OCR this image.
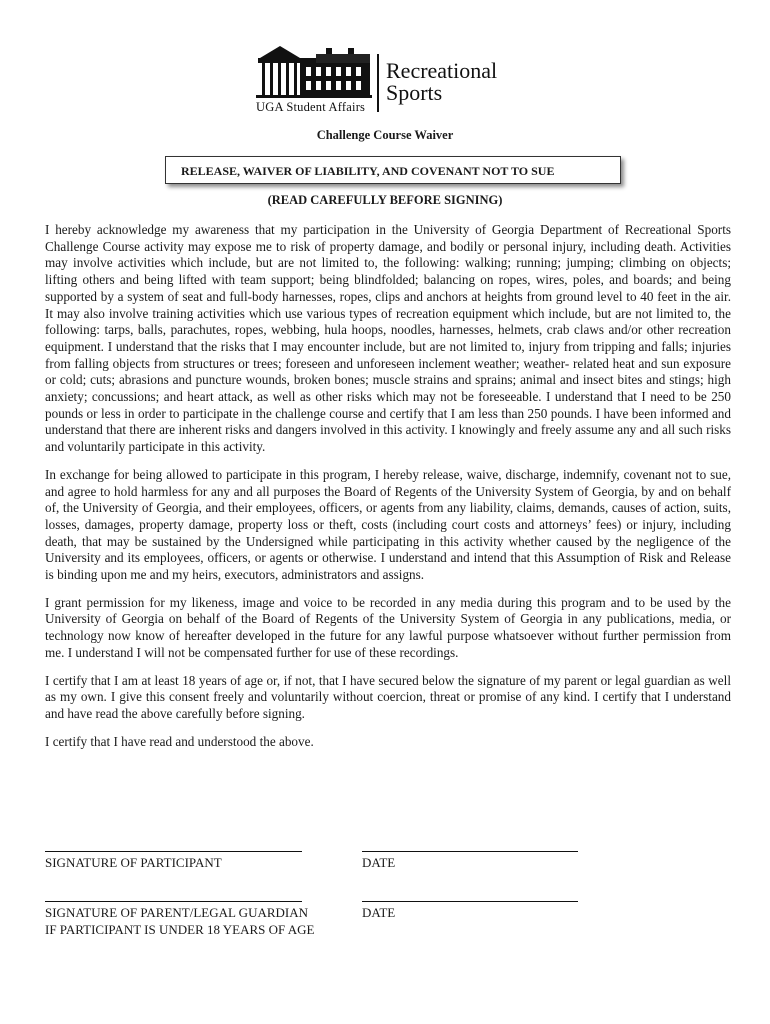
UGA Student Affairs
Recreational
Sports
Challenge Course Waiver
RELEASE, WAIVER OF LIABILITY, AND COVENANT NOT TO SUE
(READ CAREFULLY BEFORE SIGNING)

I hereby acknowledge my awareness that my participation in the University of Georgia Department of Recreational Sports Challenge Course activity may expose me to risk of property damage, and bodily or personal injury, including death. Activities may involve activities which include, but are not limited to, the following: walking; running; jumping; climbing on objects; lifting others and being lifted with team support; being blindfolded; balancing on ropes, wires, poles, and boards; and being supported by a system of seat and full-body harnesses, ropes, clips and anchors at heights from ground level to 40 feet in the air. It may also involve training activities which use various types of recreation equipment which include, but are not limited to, the following: tarps, balls, parachutes, ropes, webbing, hula hoops, noodles, harnesses, helmets, crab claws and/or other recreation equipment. I understand that the risks that I may encounter include, but are not limited to, injury from tripping and falls; injuries from falling objects from structures or trees; foreseen and unforeseen inclement weather; weather- related heat and sun exposure or cold; cuts; abrasions and puncture wounds, broken bones; muscle strains and sprains; animal and insect bites and stings; high anxiety; concussions; and heart attack, as well as other risks which may not be foreseeable. I understand that I need to be 250 pounds or less in order to participate in the challenge course and certify that I am less than 250 pounds. I have been informed and understand that there are inherent risks and dangers involved in this activity. I knowingly and freely assume any and all such risks and voluntarily participate in this activity.

In exchange for being allowed to participate in this program, I hereby release, waive, discharge, indemnify, covenant not to sue, and agree to hold harmless for any and all purposes the Board of Regents of the University System of Georgia, by and on behalf of, the University of Georgia, and their employees, officers, or agents from any liability, claims, demands, causes of action, suits, losses, damages, property damage, property loss or theft, costs (including court costs and attorneys’ fees) or injury, including death, that may be sustained by the Undersigned while participating in this activity whether caused by the negligence of the University and its employees, officers, or agents or otherwise. I understand and intend that this Assumption of Risk and Release is binding upon me and my heirs, executors, administrators and assigns.

I grant permission for my likeness, image and voice to be recorded in any media during this program and to be used by the University of Georgia on behalf of the Board of Regents of the University System of Georgia in any publications, media, or technology now know of hereafter developed in the future for any lawful purpose whatsoever without further permission from me. I understand I will not be compensated further for use of these recordings.

I certify that I am at least 18 years of age or, if not, that I have secured below the signature of my parent or legal guardian as well as my own. I give this consent freely and voluntarily without coercion, threat or promise of any kind. I certify that I understand and have read the above carefully before signing.

I certify that I have read and understood the above.

SIGNATURE OF PARTICIPANT	DATE
SIGNATURE OF PARENT/LEGAL GUARDIAN
IF PARTICIPANT IS UNDER 18 YEARS OF AGE
DATE
